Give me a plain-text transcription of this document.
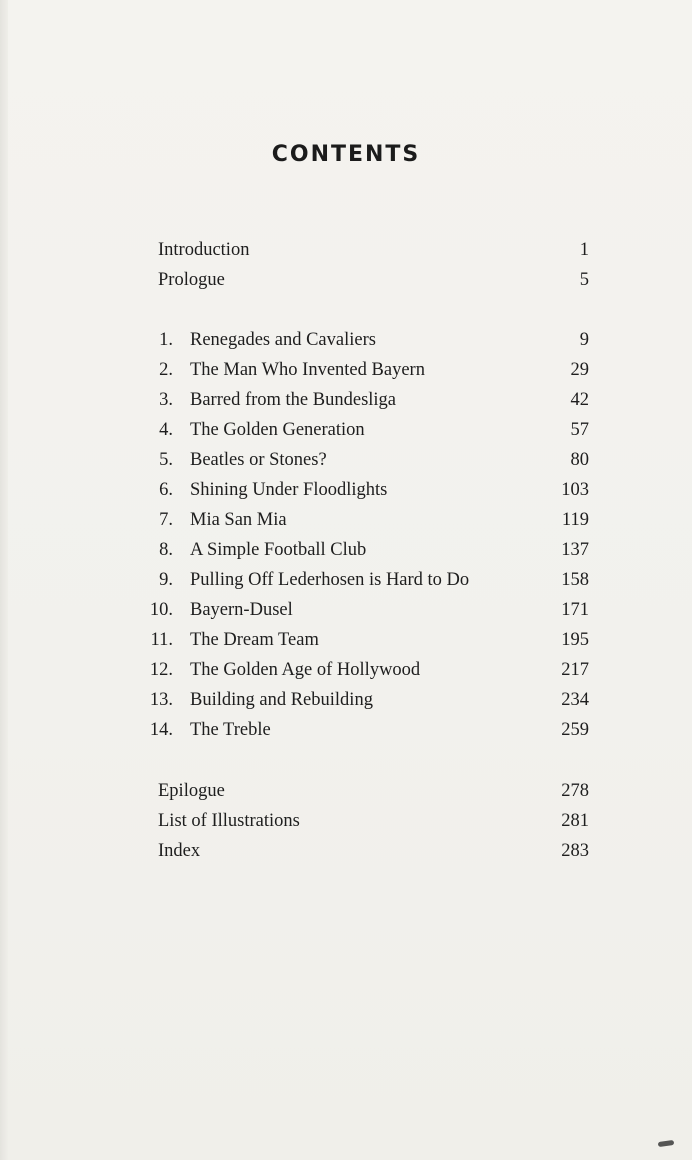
CONTENTS
Introduction	1
Prologue	5
1. Renegades and Cavaliers	9
2. The Man Who Invented Bayern	29
3. Barred from the Bundesliga	42
4. The Golden Generation	57
5. Beatles or Stones?	80
6. Shining Under Floodlights	103
7. Mia San Mia	119
8. A Simple Football Club	137
9. Pulling Off Lederhosen is Hard to Do	158
10. Bayern-Dusel	171
11. The Dream Team	195
12. The Golden Age of Hollywood	217
13. Building and Rebuilding	234
14. The Treble	259
Epilogue	278
List of Illustrations	281
Index	283
